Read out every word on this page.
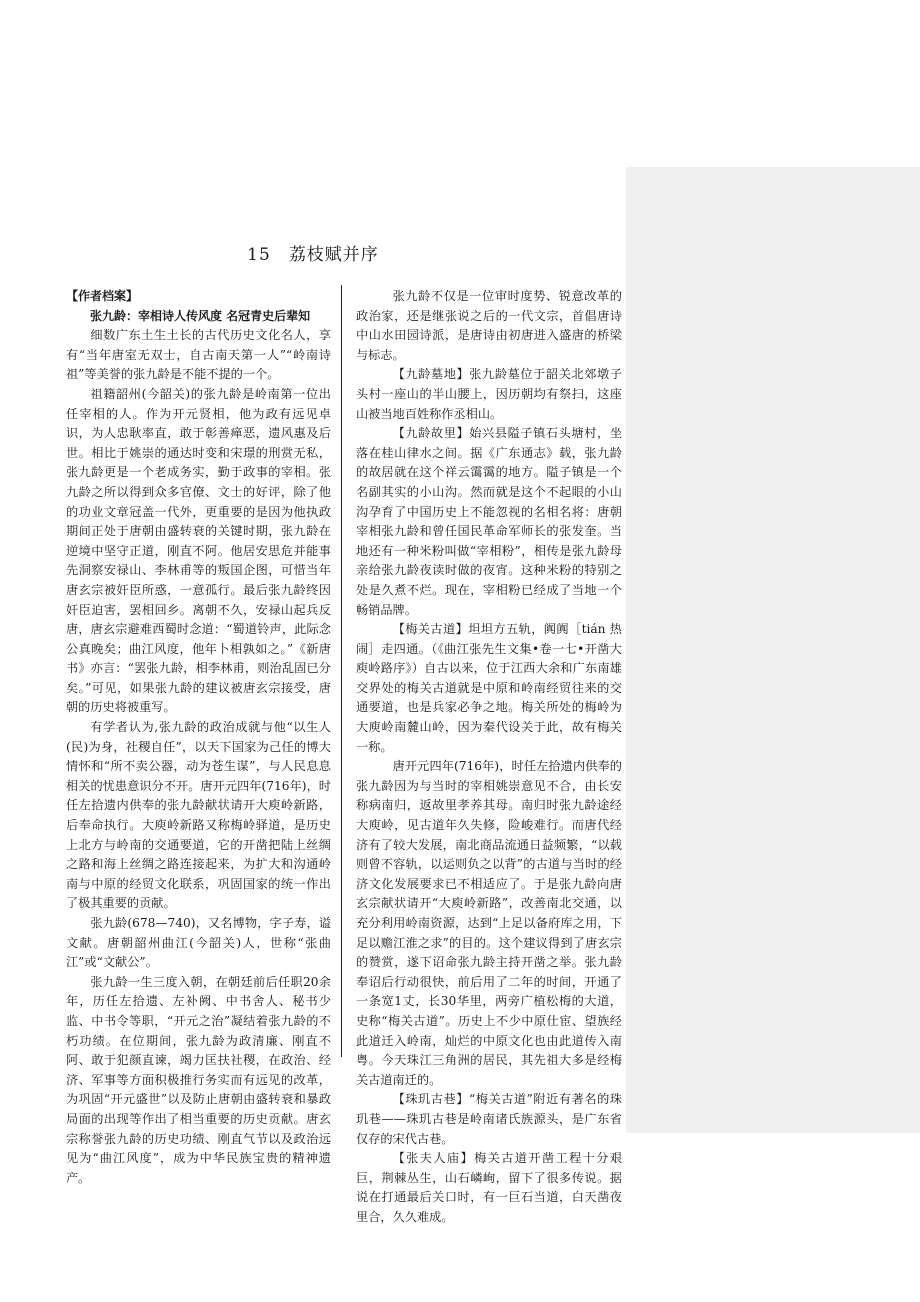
15 荔枝赋并序

【作者档案】

张九龄：宰相诗人传风度 名冠青史后辈知

细数广东土生土长的古代历史文化名人，享有“当年唐室无双士，自古南天第一人”“岭南诗祖”等美誉的张九龄是不能不提的一个。

祖籍韶州(今韶关)的张九龄是岭南第一位出任宰相的人。作为开元贤相，他为政有远见卓识，为人忠耿率直，敢于彰善瘅恶，遗风惠及后世。相比于姚崇的通达时变和宋璟的刑赏无私，张九龄更是一个老成务实，勤于政事的宰相。张九龄之所以得到众多官僚、文士的好评，除了他的功业文章冠盖一代外，更重要的是因为他执政期间正处于唐朝由盛转衰的关键时期，张九龄在逆境中坚守正道，刚直不阿。他居安思危并能事先洞察安禄山、李林甫等的叛国企图，可惜当年唐玄宗被奸臣所惑，一意孤行。最后张九龄终因奸臣迫害，罢相回乡。离朝不久，安禄山起兵反唐，唐玄宗避难西蜀时念道：“蜀道铃声，此际念公真晚矣；曲江风度，他年卜相孰如之。”《新唐书》亦言：“罢张九龄，相李林甫，则治乱固已分矣。”可见，如果张九龄的建议被唐玄宗接受，唐朝的历史将被重写。

有学者认为,张九龄的政治成就与他“以生人(民)为身，社稷自任”，以天下国家为己任的博大情怀和“所不卖公器，动为苍生谋”，与人民息息相关的忧患意识分不开。唐开元四年(716年)，时任左拾遗内供奉的张九龄献状请开大庾岭新路，后奉命执行。大庾岭新路又称梅岭驿道，是历史上北方与岭南的交通要道，它的开凿把陆上丝绸之路和海上丝绸之路连接起来，为扩大和沟通岭南与中原的经贸文化联系，巩固国家的统一作出了极其重要的贡献。

张九龄(678—740)，又名博物，字子寿，谥文献。唐朝韶州曲江(今韶关)人，世称“张曲江”或“文献公”。

张九龄一生三度入朝，在朝廷前后任职20余年，历任左拾遗、左补阙、中书舍人、秘书少监、中书令等职，“开元之治”凝结着张九龄的不朽功绩。在位期间，张九龄为政清廉、刚直不阿、敢于犯颜直谏，竭力匡扶社稷，在政治、经济、军事等方面积极推行务实而有远见的改革，为巩固“开元盛世”以及防止唐朝由盛转衰和暴政局面的出现等作出了相当重要的历史贡献。唐玄宗称誉张九龄的历史功绩、刚直气节以及政治远见为“曲江风度”，成为中华民族宝贵的精神遗产。

张九龄不仅是一位审时度势、锐意改革的政治家，还是继张说之后的一代文宗，首倡唐诗中山水田园诗派，是唐诗由初唐进入盛唐的桥梁与标志。

【九龄墓地】张九龄墓位于韶关北郊墩子头村一座山的半山腰上，因历朝均有祭扫，这座山被当地百姓称作丞相山。

【九龄故里】始兴县隘子镇石头塘村，坐落在桂山律水之间。据《广东通志》载，张九龄的故居就在这个祥云霭霭的地方。隘子镇是一个名副其实的小山沟。然而就是这个不起眼的小山沟孕育了中国历史上不能忽视的名相名将：唐朝宰相张九龄和曾任国民革命军师长的张发奎。当地还有一种米粉叫做“宰相粉”，相传是张九龄母亲给张九龄夜读时做的夜宵。这种米粉的特别之处是久煮不烂。现在，宰相粉已经成了当地一个畅销品牌。

【梅关古道】坦坦方五轨，阗阗［tián 热闹］走四通。（《曲江张先生文集•卷一七•开凿大庾岭路序》）自古以来，位于江西大余和广东南雄交界处的梅关古道就是中原和岭南经贸往来的交通要道，也是兵家必争之地。梅关所处的梅岭为大庾岭南麓山岭，因为秦代设关于此，故有梅关一称。

唐开元四年(716年)，时任左拾遗内供奉的张九龄因为与当时的宰相姚崇意见不合，由长安称病南归，返故里孝养其母。南归时张九龄途经大庾岭，见古道年久失修，险峻难行。而唐代经济有了较大发展，南北商品流通日益频繁，“以载则曾不容轨，以运则负之以背”的古道与当时的经济文化发展要求已不相适应了。于是张九龄向唐玄宗献状请开“大庾岭新路”，改善南北交通，以充分利用岭南资源，达到“上足以备府库之用，下足以赡江淮之求”的目的。这个建议得到了唐玄宗的赞赏，遂下诏命张九龄主持开凿之举。张九龄奉诏后行动很快，前后用了二年的时间，开通了一条宽1丈，长30华里，两旁广植松梅的大道，史称“梅关古道”。历史上不少中原仕宦、望族经此道迁入岭南，灿烂的中原文化也由此道传入南粤。今天珠江三角洲的居民，其先祖大多是经梅关古道南迁的。

【珠玑古巷】“梅关古道”附近有著名的珠玑巷——珠玑古巷是岭南诸氏族源头，是广东省仅存的宋代古巷。

【张夫人庙】梅关古道开凿工程十分艰巨，荆棘丛生，山石嶙峋，留下了很多传说。据说在打通最后关口时，有一巨石当道，白天凿夜里合，久久难成。
